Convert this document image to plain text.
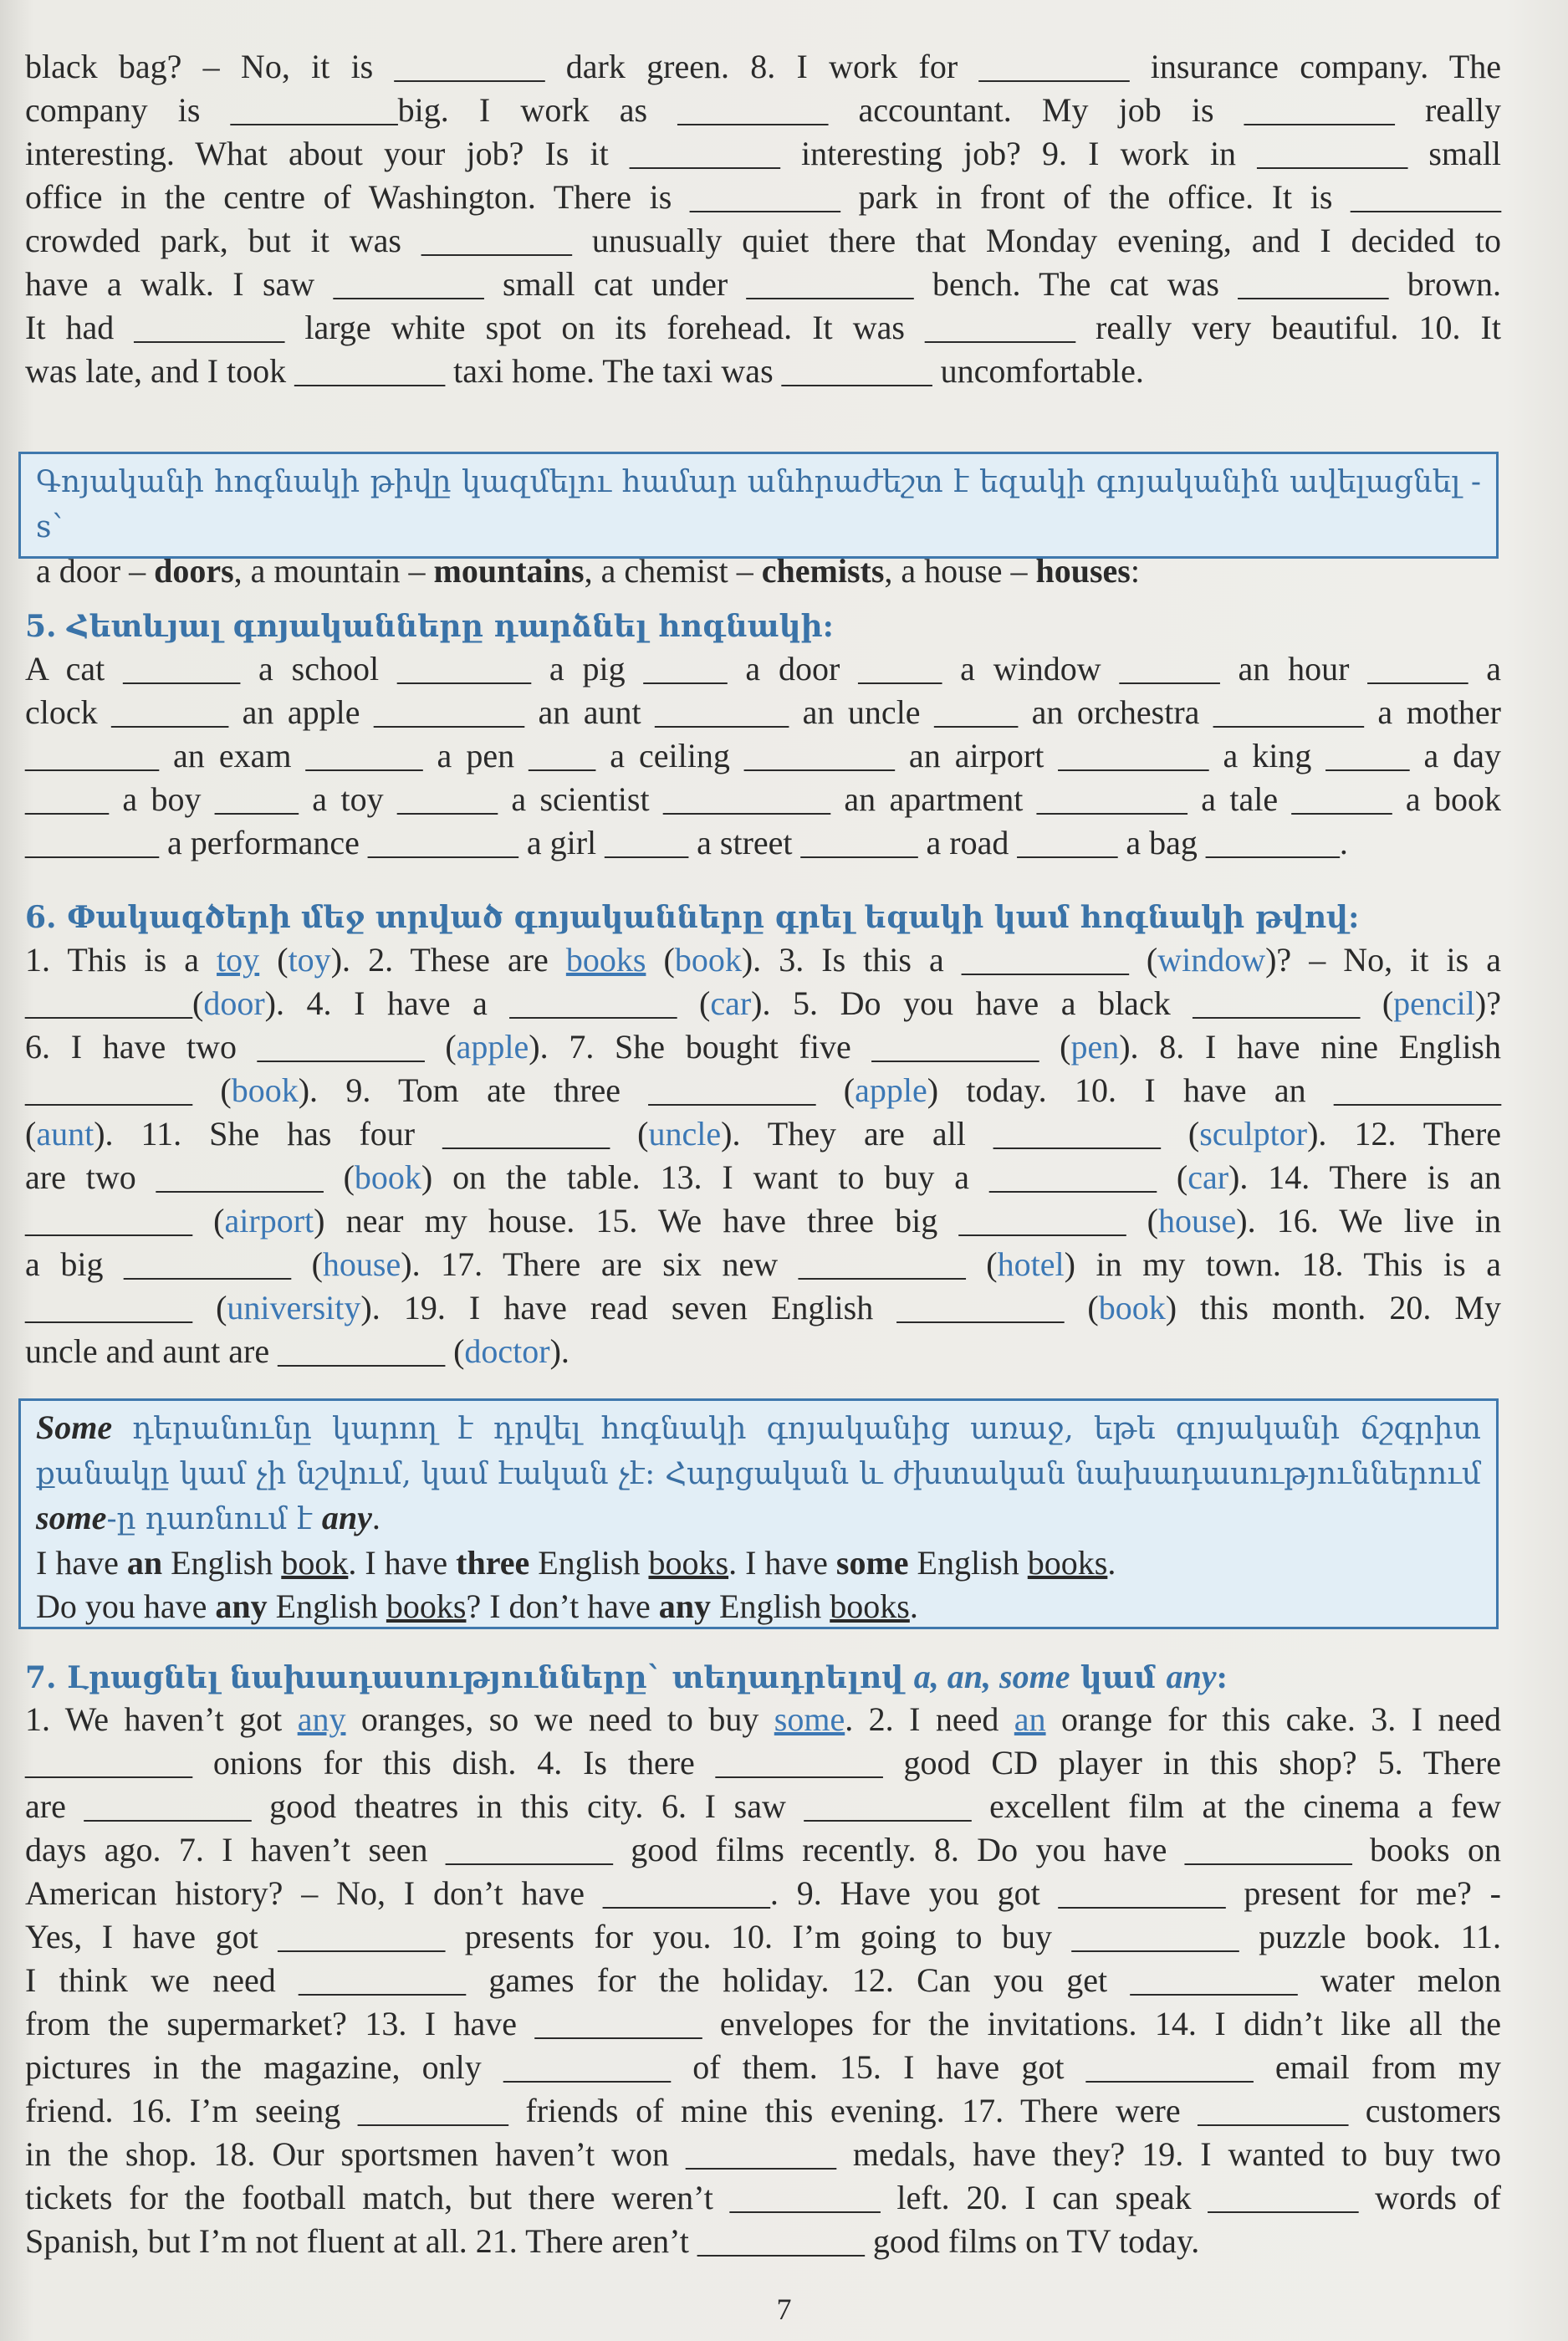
black bag? – No, it is _________ dark green. 8. I work for _________ insurance company. The

company is __________big. I work as _________ accountant. My job is _________ really

interesting. What about your job? Is it _________ interesting job? 9. I work in _________ small

office in the centre of Washington. There is _________ park in front of the office. It is _________

crowded park, but it was _________ unusually quiet there that Monday evening, and I decided to

have a walk. I saw _________ small cat under __________ bench. The cat was _________ brown.

It had _________ large white spot on its forehead. It was _________ really very beautiful. 10. It

was late, and I took _________ taxi home. The taxi was _________ uncomfortable.

Գոյականի հոգնակի թիվը կազմելու համար անհրաժեշտ է եզակի գոյականին ավելացնել -s`

a door – doors, a mountain – mountains, a chemist – chemists, a house – houses:

5. Հետևյալ գոյականները դարձնել հոգնակի:

A cat _______ a school ________ a pig _____ a door _____ a window ______ an hour ______ a

clock _______ an apple _________ an aunt ________ an uncle _____ an orchestra _________ a mother

________ an exam _______ a pen ____ a ceiling _________ an airport _________ a king _____ a day

_____ a boy _____ a toy ______ a scientist __________ an apartment _________ a tale ______ a book

________ a performance _________ a girl _____ a street _______ a road ______ a bag ________.

6. Փակագծերի մեջ տրված գոյականները գրել եզակի կամ հոգնակի թվով:

1. This is a toy (toy). 2. These are books (book). 3. Is this a __________ (window)? – No, it is a

__________(door). 4. I have a __________ (car). 5. Do you have a black __________ (pencil)?

6. I have two __________ (apple). 7. She bought five __________ (pen). 8. I have nine English

__________ (book). 9. Tom ate three __________ (apple) today. 10. I have an __________

(aunt). 11. She has four __________ (uncle). They are all __________ (sculptor). 12. There

are two __________ (book) on the table. 13. I want to buy a __________ (car). 14. There is an

__________ (airport) near my house. 15. We have three big __________ (house). 16. We live in

a big __________ (house). 17. There are six new __________ (hotel) in my town. 18. This is a

__________ (university). 19. I have read seven English __________ (book) this month. 20. My

uncle and aunt are __________ (doctor).

Some դերանունը կարող է դրվել հոգնակի գոյականից առաջ, եթե գոյականի ճշգրիտ քանակը կամ չի նշվում, կամ էական չէ: Հարցական և ժխտական նախադասություններում some-ը դառնում է any.

I have an English book. I have three English books. I have some English books.

Do you have any English books? I don’t have any English books.

7. Լրացնել նախադասությունները` տեղադրելով a, an, some կամ any:

1. We haven’t got any oranges, so we need to buy some. 2. I need an orange for this cake. 3. I need

__________ onions for this dish. 4. Is there __________ good CD player in this shop? 5. There

are __________ good theatres in this city. 6. I saw __________ excellent film at the cinema a few

days ago. 7. I haven’t seen __________ good films recently. 8. Do you have __________ books on

American history? – No, I don’t have __________. 9. Have you got __________ present for me? -

Yes, I have got __________ presents for you. 10. I’m going to buy __________ puzzle book. 11.

I think we need __________ games for the holiday. 12. Can you get __________ water melon

from the supermarket? 13. I have __________ envelopes for the invitations. 14. I didn’t like all the

pictures in the magazine, only __________ of them. 15. I have got __________ email from my

friend. 16. I’m seeing _________ friends of mine this evening. 17. There were _________ customers

in the shop. 18. Our sportsmen haven’t won _________ medals, have they? 19. I wanted to buy two

tickets for the football match, but there weren’t _________ left. 20. I can speak _________ words of

Spanish, but I’m not fluent at all. 21. There aren’t __________ good films on TV today.

7
